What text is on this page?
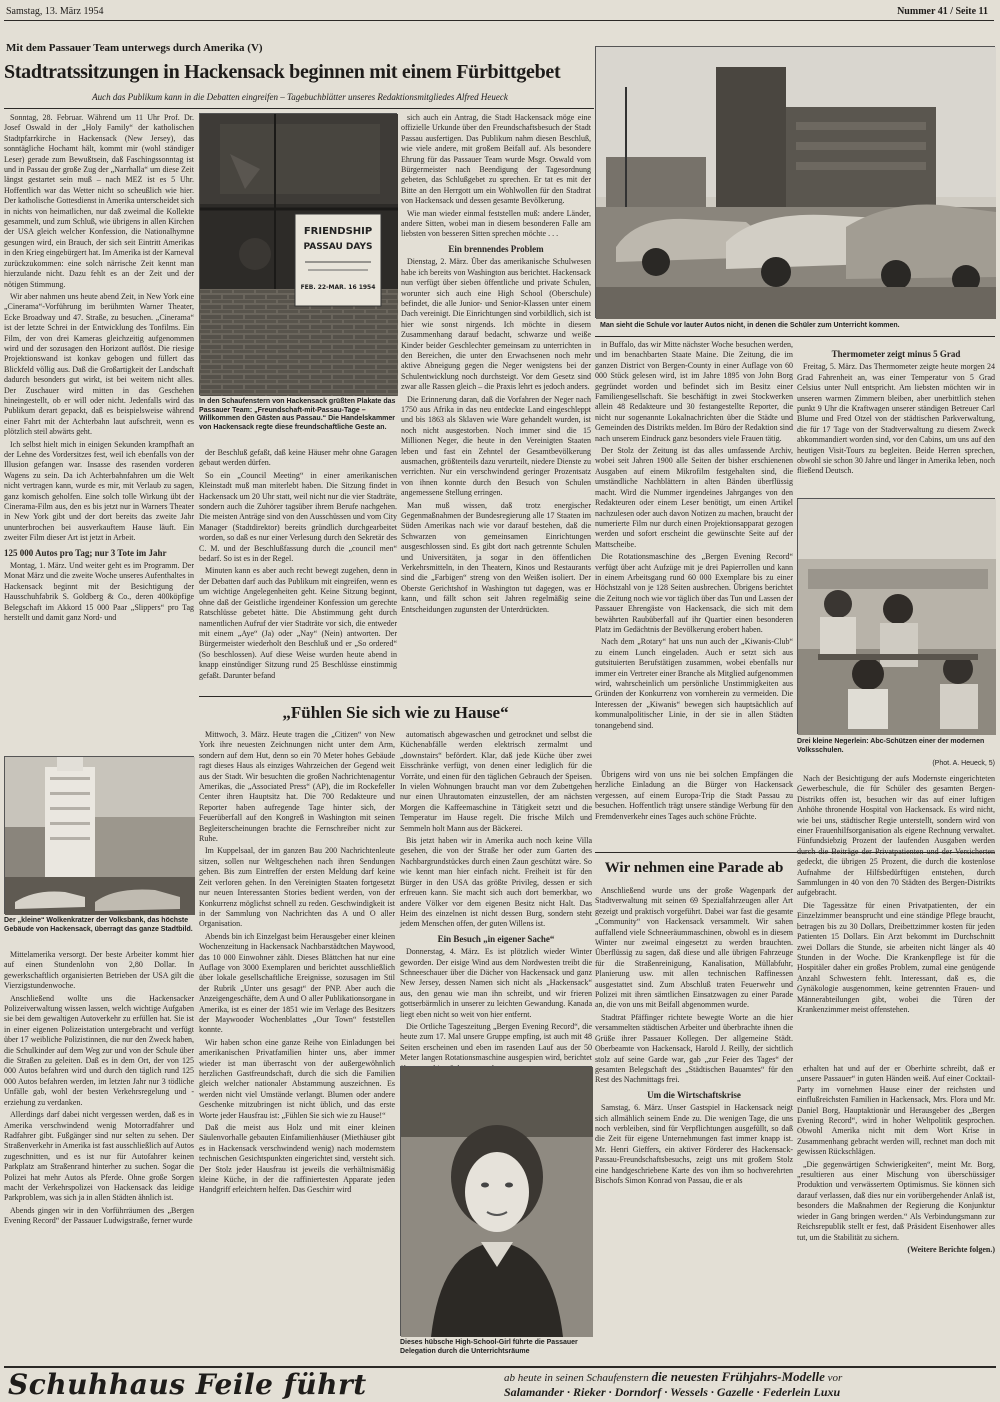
Samstag, 13. März 1954	Nummer 41 / Seite 11
Mit dem Passauer Team unterwegs durch Amerika (V)
Stadtratssitzungen in Hackensack beginnen mit einem Fürbittgebet
Auch das Publikum kann in die Debatten eingreifen – Tagebuchblätter unseres Redaktionsmitgliedes Alfred Heueck

Sonntag, 28. Februar. Während um 11 Uhr Prof. Dr. Josef Oswald in der „Holy Family“ der katholischen Stadtpfarrkirche in Hackensack (New Jersey), das sonntägliche Hochamt hält, kommt mir (wohl ständiger Leser) gerade zum Bewußtsein, daß Faschingssonntag ist und in Passau der große Zug der „Narrhalla“ um diese Zeit längst gestartet sein muß – nach MEZ ist es 5 Uhr. Hoffentlich war das Wetter nicht so scheußlich wie hier. Der katholische Gottesdienst in Amerika unterscheidet sich in nichts von heimatlichen, nur daß zweimal die Kollekte gesammelt, und zum Schluß, wie übrigens in allen Kirchen der USA gleich welcher Konfession, die Nationalhymne gesungen wird, ein Brauch, der sich seit Eintritt Amerikas in den Krieg eingebürgert hat. Im Amerika ist der Karneval zurückzukommen: eine solch närrische Zeit kennt man hierzulande nicht. Dazu fehlt es an der Zeit und der nötigen Stimmung.

Wir aber nahmen uns heute abend Zeit, in New York eine „Cinerama“-Vorführung im berühmten Warner Theater, Ecke Broadway und 47. Straße, zu besuchen. „Cinerama“ ist der letzte Schrei in der Entwicklung des Tonfilms. Ein Film, der von drei Kameras gleichzeitig aufgenommen wird und der sozusagen den Horizont auflöst. Die riesige Projektionswand ist konkav gebogen und füllert das Blickfeld völlig aus. Daß die Großartigkeit der Landschaft dadurch besonders gut wirkt, ist bei weitem nicht alles. Der Zuschauer wird mitten in das Geschehen hineingestellt, ob er will oder nicht. Jedenfalls wird das Publikum derart gepackt, daß es beispielsweise während einer Fahrt mit der Achterbahn laut aufschreit, wenn es plötzlich steil abwärts geht.

Ich selbst hielt mich in einigen Sekunden krampfhaft an der Lehne des Vordersitzes fest, weil ich ebenfalls von der Illusion gefangen war. Insasse des rasenden vorderen Wagens zu sein. Da ich Achterbahnfahren um die Welt nicht vertragen kann, wurde es mir, mit Verlaub zu sagen, ganz komisch geholfen. Eine solch tolle Wirkung übt der Cinerama-Film aus, den es bis jetzt nur in Warners Theater in New York gibt und der dort bereits das zweite Jahr ununterbrochen bei ausverkauftem Hause läuft. Ein zweiter Film dieser Art ist jetzt in Arbeit.

125 000 Autos pro Tag; nur 3 Tote im Jahr

Montag, 1. März. Und weiter geht es im Programm. Der Monat März und die zweite Woche unseres Aufenthaltes in Hackensack beginnt mit der Besichtigung der Hausschuhfabrik S. Goldberg & Co., deren 400köpfige Belegschaft im Akkord 15 000 Paar „Slippers“ pro Tag herstellt und damit ganz Nord- und

FRIENDSHIP
PASSAU DAYS
FEB. 22-MAR. 16 1954
In den Schaufenstern von Hackensack grüßten Plakate das Passauer Team: „Freundschaft-mit-Passau-Tage – Willkommen den Gästen aus Passau.“ Die Handelskammer von Hackensack regte diese freundschaftliche Geste an.

der Beschluß gefaßt, daß keine Häuser mehr ohne Garagen gebaut werden dürfen.

So ein „Council Meeting“ in einer amerikanischen Kleinstadt muß man miterlebt haben. Die Sitzung findet in Hackensack um 20 Uhr statt, weil nicht nur die vier Stadträte, sondern auch die Zuhörer tagsüber ihrem Berufe nachgehen. Die meisten Anträge sind von den Ausschüssen und vom City Manager (Stadtdirektor) bereits gründlich durchgearbeitet worden, so daß es nur einer Verlesung durch den Sekretär des C. M. und der Beschlußfassung durch die „council men“ bedarf. So ist es in der Regel.

Minuten kann es aber auch recht bewegt zugehen, denn in der Debatten darf auch das Publikum mit eingreifen, wenn es um wichtige Angelegenheiten geht. Keine Sitzung beginnt, ohne daß der Geistliche irgendeiner Konfession um gerechte Ratschlüsse gebetet hätte. Die Abstimmung geht durch namentlichen Aufruf der vier Stadträte vor sich, die entweder mit einem „Aye“ (Ja) oder „Nay“ (Nein) antworten. Der Bürgermeister wiederholt den Beschluß und er „So ordered“ (So beschlossen). Auf diese Weise wurden heute abend in knapp einstündiger Sitzung rund 25 Beschlüsse einstimmig gefaßt. Darunter befand

sich auch ein Antrag, die Stadt Hackensack möge eine offizielle Urkunde über den Freundschaftsbesuch der Stadt Passau ausfertigen. Das Publikum nahm diesen Beschluß, wie viele andere, mit großem Beifall auf. Als besondere Ehrung für das Passauer Team wurde Msgr. Oswald vom Bürgermeister nach Beendigung der Tagesordnung gebeten, das Schlußgebet zu sprechen. Er tat es mit der Bitte an den Herrgott um ein Wohlwollen für den Stadtrat von Hackensack und dessen gesamte Bevölkerung.

Wie man wieder einmal feststellen muß: andere Länder, andere Sitten, wobei man in diesem besonderen Falle am liebsten von besseren Sitten sprechen möchte . . .

Ein brennendes Problem

Dienstag, 2. März. Über das amerikanische Schulwesen habe ich bereits von Washington aus berichtet. Hackensack nun verfügt über sieben öffentliche und private Schulen, worunter sich auch eine High School (Oberschule) befindet, die alle Junior- und Senior-Klassen unter einem Dach vereinigt. Die Einrichtungen sind vorbildlich, sich ist hier wie sonst nirgends. Ich möchte in diesem Zusammenhang darauf bedacht, schwarze und weiße Kinder beider Geschlechter gemeinsam zu unterrichten in den Bereichen, die unter den Erwachsenen noch mehr aktive Abneigung gegen die Neger wenigstens bei der Schulentwicklung noch durchsteigt. Vor dem Gesetz sind zwar alle Rassen gleich – die Praxis lehrt es jedoch anders.

Die Erinnerung daran, daß die Vorfahren der Neger nach 1750 aus Afrika in das neu entdeckte Land eingeschleppt und bis 1863 als Sklaven wie Ware gehandelt wurden, ist noch nicht ausgestorben. Noch immer sind die 15 Millionen Neger, die heute in den Vereinigten Staaten leben und fast ein Zehntel der Gesamtbevölkerung ausmachen, größtenteils dazu verurteilt, niedere Dienste zu verrichten. Nur ein verschwindend geringer Prozentsatz von ihnen konnte durch den Besuch von Schulen angemessene Stellung erringen.

Man muß wissen, daß trotz energischer Gegenmaßnahmen der Bundesregierung alle 17 Staaten im Süden Amerikas nach wie vor darauf bestehen, daß die Schwarzen von gemeinsamen Einrichtungen ausgeschlossen sind. Es gibt dort nach getrennte Schulen und Universitäten, ja sogar in den öffentlichen Verkehrsmitteln, in den Theatern, Kinos und Restaurants sind die „Farbigen“ streng von den Weißen isoliert. Der Oberste Gerichtshof in Washington tut dagegen, was er kann, und fällt schon seit Jahren regelmäßig seine Entscheidungen zugunsten der Unterdrückten.

Man sieht die Schule vor lauter Autos nicht, in denen die Schüler zum Unterricht kommen.

in Buffalo, das wir Mitte nächster Woche besuchen werden, und im benachbarten Staate Maine. Die Zeitung, die im ganzen District von Bergen-County in einer Auflage von 60 000 Stück gelesen wird, ist im Jahre 1895 von John Borg gegründet worden und befindet sich im Besitz einer Familiengesellschaft. Sie beschäftigt in zwei Stockwerken allein 48 Redakteure und 30 festangestellte Reporter, die nicht nur sogenannte Lokalnachrichten über die Städte und Gemeinden des Distrikts melden. Im Büro der Redaktion sind nach unserem Eindruck ganz besonders viele Frauen tätig.

Der Stolz der Zeitung ist das alles umfassende Archiv, wobei seit Jahren 1900 alle Seiten der bisher erschienenen Ausgaben auf einem Mikrofilm festgehalten sind, die umständliche Nachblättern in alten Bänden überflüssig macht. Wird die Nummer irgendeines Jahrganges von den Redakteuren oder einem Leser benötigt, um einen Artikel nachzulesen oder auch davon Notizen zu machen, braucht der numerierte Film nur durch einen Projektionsapparat gezogen werden und sofort erscheint die gewünschte Seite auf der Mattscheibe.

Die Rotationsmaschine des „Bergen Evening Record“ verfügt über acht Aufzüge mit je drei Papierrollen und kann in einem Arbeitsgang rund 60 000 Exemplare bis zu einer Höchstzahl von je 128 Seiten ausbrechen. Übrigens berichtet die Zeitung noch wie vor täglich über das Tun und Lassen der Passauer Ehrengäste von Hackensack, die sich mit dem bewährten Raubüberfall auf ihr Quartier einen besonderen Platz im Gedächtnis der Bevölkerung erobert haben.

Nach dem „Rotary“ hat uns nun auch der „Kiwanis-Club“ zu einem Lunch eingeladen. Auch er setzt sich aus gutsituierten Berufstätigen zusammen, wobei ebenfalls nur immer ein Vertreter einer Branche als Mitglied aufgenommen wird, wahrscheinlich um persönliche Unstimmigkeiten aus Gründen der Konkurrenz von vornherein zu vermeiden. Die Interessen der „Kiwanis“ bewegen sich hauptsächlich auf kommunalpolitischer Linie, in der sie in allen Städten tonangebend sind.

Thermometer zeigt minus 5 Grad

Freitag, 5. März. Das Thermometer zeigte heute morgen 24 Grad Fahrenheit an, was einer Temperatur von 5 Grad Celsius unter Null entspricht. Am liebsten möchten wir in unseren warmen Zimmern bleiben, aber unerbittlich stehen punkt 9 Uhr die Kraftwagen unserer ständigen Betreuer Carl Blume und Fred Otzel von der städtischen Parkverwaltung, die für 17 Tage von der Stadtverwaltung zu diesem Zweck abkommandiert worden sind, vor den Cabins, um uns auf den heutigen Visit-Tours zu begleiten. Beide Herren sprechen, obwohl sie schon 30 Jahre und länger in Amerika leben, noch fließend Deutsch.

Drei kleine Negerlein: Abc-Schützen einer der modernen Volksschulen.
(Phot. A. Heueck, 5)
„Fühlen Sie sich wie zu Hause“
Der „kleine“ Wolkenkratzer der Volksbank, das höchste Gebäude von Hackensack, überragt das ganze Stadtbild.

Mittelamerika versorgt. Der beste Arbeiter kommt hier auf einen Stundenlohn von 2,80 Dollar. In gewerkschaftlich organisierten Betrieben der USA gilt die Vierzigstundenwoche.

Anschließend wollte uns die Hackensacker Polizeiverwaltung wissen lassen, welch wichtige Aufgaben sie bei dem gewaltigen Autoverkehr zu erfüllen hat. Sie ist in einer eigenen Polizeistation untergebracht und verfügt über 17 weibliche Polizistinnen, die nur den Zweck haben, die Schulkinder auf dem Weg zur und von der Schule über die Straßen zu geleiten. Daß es in dem Ort, der von 125 000 Autos befahren wird und durch den täglich rund 125 000 Autos befahren werden, im letzten Jahr nur 3 tödliche Unfälle gab, wohl der besten Verkehrsregelung und -erziehung zu verdanken.

Allerdings darf dabei nicht vergessen werden, daß es in Amerika verschwindend wenig Motorradfahrer und Radfahrer gibt. Fußgänger sind nur selten zu sehen. Der Straßenverkehr in Amerika ist fast ausschließlich auf Autos zugeschnitten, und es ist nur für Autofahrer keinen Parkplatz am Straßenrand hinterher zu suchen. Sogar die Polizei hat mehr Autos als Pferde. Ohne große Sorgen macht der Verkehrspolizei von Hackensack das leidige Parkproblem, was sich ja in allen Städten ähnlich ist.

Abends gingen wir in den Vorführräumen des „Bergen Evening Record“ der Passauer Ludwigstraße, ferner wurde

Mittwoch, 3. März. Heute tragen die „Citizen“ von New York ihre neuesten Zeichnungen nicht unter dem Arm, sondern auf dem Hut, denn so ein 70 Meter hohes Gebäude ragt dieses Haus als einziges Wahrzeichen der Gegend weit aus der Stadt. Wir besuchten die großen Nachrichtenagentur Amerikas, die „Associated Press“ (AP), die im Rockefeller Center ihren Hauptsitz hat. Die 700 Redakteure und Reporter haben aufregende Tage hinter sich, der Feuerüberfall auf den Kongreß in Washington mit seinen Begleiterscheinungen brachte die Fernschreiber nicht zur Ruhe.

Im Kuppelsaal, der im ganzen Bau 200 Nachrichtenleute sitzen, sollen nur Weltgeschehen nach ihren Sendungen gehen. Bis zum Eintreffen der ersten Meldung darf keine Zeit verloren gehen. In den Vereinigten Staaten fortgesetzt nur neuen Interessanten Stories bedient werden, von der Konkurrenz möglichst schnell zu reden. Geschwindigkeit ist in der Sammlung von Nachrichten das A und O aller Organisation.

Abends bin ich Einzelgast beim Herausgeber einer kleinen Wochenzeitung in Hackensack Nachbarstädtchen Maywood, das 10 000 Einwohner zählt. Dieses Blättchen hat nur eine Auflage von 3000 Exemplaren und berichtet ausschließlich über lokale gesellschaftliche Ereignisse, sozusagen im Stil der Rubrik „Unter uns gesagt“ der PNP. Aber auch die Anzeigengeschäfte, dem A und O aller Publikationsorgane in Amerika, ist es einer der 1851 wie im Verlage des Besitzers der Maywooder Wochenblattes „Our Town“ feststellen konnte.

Wir haben schon eine ganze Reihe von Einladungen bei amerikanischen Privatfamilien hinter uns, aber immer wieder ist man überrascht von der außergewöhnlich herzlichen Gastfreundschaft, durch die sich die Familien gleich welcher nationaler Abstammung auszeichnen. Es werden nicht viel Umstände verlangt. Blumen oder andere Geschenke mitzubringen ist nicht üblich, und das erste Worte jeder Hausfrau ist: „Fühlen Sie sich wie zu Hause!“

Daß die meist aus Holz und mit einer kleinen Säulenvorhalle gebauten Einfamilienhäuser (Miethäuser gibt es in Hackensack verschwindend wenig) nach modernstem technischen Gesichtspunkten eingerichtet sind, versteht sich. Der Stolz jeder Hausfrau ist jeweils die verhältnismäßig kleine Küche, in der die raffiniertesten Apparate jeden Handgriff erleichtern helfen. Das Geschirr wird

automatisch abgewaschen und getrocknet und selbst die Küchenabfälle werden elektrisch zermalmt und „downstairs“ befördert. Klar, daß jede Küche über zwei Eisschränke verfügt, von denen einer lediglich für die Vorräte, und einen für den täglichen Gebrauch der Speisen. In vielen Wohnungen braucht man vor dem Zubettgehen nur einen Uhrautomaten einzustellen, der am nächsten Morgen die Kaffeemaschine in Tätigkeit setzt und die Temperatur im Hause regelt. Die frische Milch und Semmeln holt Mann aus der Bäckerei.

Bis jetzt haben wir in Amerika auch noch keine Villa gesehen, die von der Straße her oder zum Garten des Nachbargrundstückes durch einen Zaun geschützt wäre. So wie kennt man hier einfach nicht. Freiheit ist für den Bürger in den USA das größte Privileg, dessen er sich erfreuen kann. Sie macht sich auch dort bemerkbar, wo andere Völker vor dem eigenen Besitz nicht Halt. Das Heim des einzelnen ist nicht dessen Burg, sondern steht jedem Menschen offen, der guten Willens ist.

Ein Besuch „in eigener Sache“

Donnerstag, 4. März. Es ist plötzlich wieder Winter geworden. Der eisige Wind aus dem Nordwesten treibt die Schneeschauer über die Dächer von Hackensack und ganz New Jersey, dessen Namen sich nicht als „Hackensack“ aus, den genau wie man ihn schreibt, und wir frieren gottserbärmlich in unserer zu leichten Gewandung. Kanada liegt eben nicht so weit von hier entfernt.

Die Ortliche Tageszeitung „Bergen Evening Record“, die heute zum 17. Mal unsere Gruppe empfing, ist auch mit 48 Seiten erscheinen und eben im rasenden Lauf aus der 50 Meter langen Rotationsmaschine ausgespien wird, berichtet

Dieses hübsche High-School-Girl führte die Passauer Delegation durch die Unterrichtsräume

Übrigens wird von uns nie bei solchen Empfängen die herzliche Einladung an die Bürger von Hackensack vergessen, auf einem Europa-Trip die Stadt Passau zu besuchen. Hoffentlich trägt unsere ständige Werbung für den Fremdenverkehr eines Tages auch schöne Früchte.

Nach der Besichtigung der aufs Modernste eingerichteten Gewerbeschule, die für Schüler des gesamten Bergen-Distrikts offen ist, besuchen wir das auf einer luftigen Anhöhe thronende Hospital von Hackensack. Es wird nicht, wie bei uns, städtischer Regie unterstellt, sondern wird von einer Frauenhilfsorganisation als eigene Rechnung verwaltet. Fünfundsiebzig Prozent der laufenden Ausgaben werden gedeckt, die übrigen 25 Prozent, die durch die kostenlose Aufnahme der Hilfsbedürftigen entstehen, durch Sammlungen in 40 von den 70 Städten des Bergen-Distrikts aufgebracht.

Die Tagessätze für einen Privatpatienten, der ein Einzelzimmer beansprucht und eine ständige Pflege braucht, betragen bis zu 30 Dollars, Dreibettzimmer kosten für jeden Patienten 15 Dollars. Ein Arzt bekommt im Durchschnitt zwei Dollars die Stunde, sie arbeiten nicht länger als 40 Stunden in der Woche. Die Krankenpflege ist für die Hospitäler daher ein großes Problem, zumal eine genügende Anzahl Schwestern fehlt. Interessant, daß es, die Gynäkologie ausgenommen, keine getrennten Frauen- und Männerabteilungen gibt, wobei die Türen der Krankenzimmer meist offenstehen.

Wir nehmen eine Parade ab

Anschließend wurde uns der große Wagenpark der Stadtverwaltung mit seinen 69 Spezialfahrzeugen aller Art gezeigt und praktisch vorgeführt. Dabei war fast die gesamte „Community“ von Hackensack versammelt. Wir sahen auffallend viele Schneeräummaschinen, obwohl es in diesem Winter nur zweimal eingesetzt zu werden brauchten. Überflüssig zu sagen, daß diese und alle übrigen Fahrzeuge für die Straßenreinigung, Kanalisation, Müllabfuhr, Planierung usw. mit allen technischen Raffinessen ausgestattet sind. Zum Abschluß traten Feuerwehr und Polizei mit ihren sämtlichen Einsatzwagen zu einer Parade an, die von uns mit Beifall abgenommen wurde.

Stadtrat Pfäffinger richtete bewegte Worte an die hier versammelten städtischen Arbeiter und überbrachte ihnen die Grüße ihrer Passauer Kollegen. Der allgemeine Städt. Oberbeamte von Hackensack, Harold J. Reilly, der sichtlich stolz auf seine Garde war, gab „zur Feier des Tages“ der gesamten Belegschaft des „Städtischen Bauamtes“ für den Rest des Nachmittags frei.

Um die Wirtschaftskrise

Samstag, 6. März. Unser Gastspiel in Hackensack neigt sich allmählich seinem Ende zu. Die wenigen Tage, die uns noch verbleiben, sind für Verpflichtungen ausgefüllt, so daß die Zeit für eigene Unternehmungen fast immer knapp ist. Mr. Henri Gieffers, ein aktiver Förderer des Hackensack-Passau-Freundschaftsbesuchs, zeigt uns mit großem Stolz eine handgeschriebene Karte des von ihm so hochverehrten Bischofs Simon Konrad von Passau, die er als

erhalten hat und auf der er Oberhirte schreibt, daß er „unsere Passauer“ in guten Händen weiß. Auf einer Cocktail-Party im vornehmen Hause einer der reichsten und einflußreichsten Familien in Hackensack, Mrs. Flora und Mr. Daniel Borg, Hauptaktionär und Herausgeber des „Bergen Evening Record“, wird in hoher Weltpolitik gesprochen. Obwohl Amerika nicht mit dem Wort Krise in Zusammenhang gebracht werden will, rechnet man doch mit gewissen Rückschlägen.

„Die gegenwärtigen Schwierigkeiten“, meint Mr. Borg, „resultieren aus einer Mischung von überschüssiger Produktion und verwässertem Optimismus. Sie können sich darauf verlassen, daß dies nur ein vorübergehender Anlaß ist, besonders die Maßnahmen der Regierung die Konjunktur wieder in Gang bringen werden.“ Als Verbindungsmann zur Reichsrepublik stellt er fest, daß Präsident Eisenhower alles tut, um die Stabilität zu sichern.

(Weitere Berichte folgen.)

Schuhhaus Feile führt	ab heute in seinen Schaufenstern die neuesten Frühjahrs-Modelle vor
Salamander · Rieker · Dorndorf · Wessels · Gazelle · Federlein Luxu
